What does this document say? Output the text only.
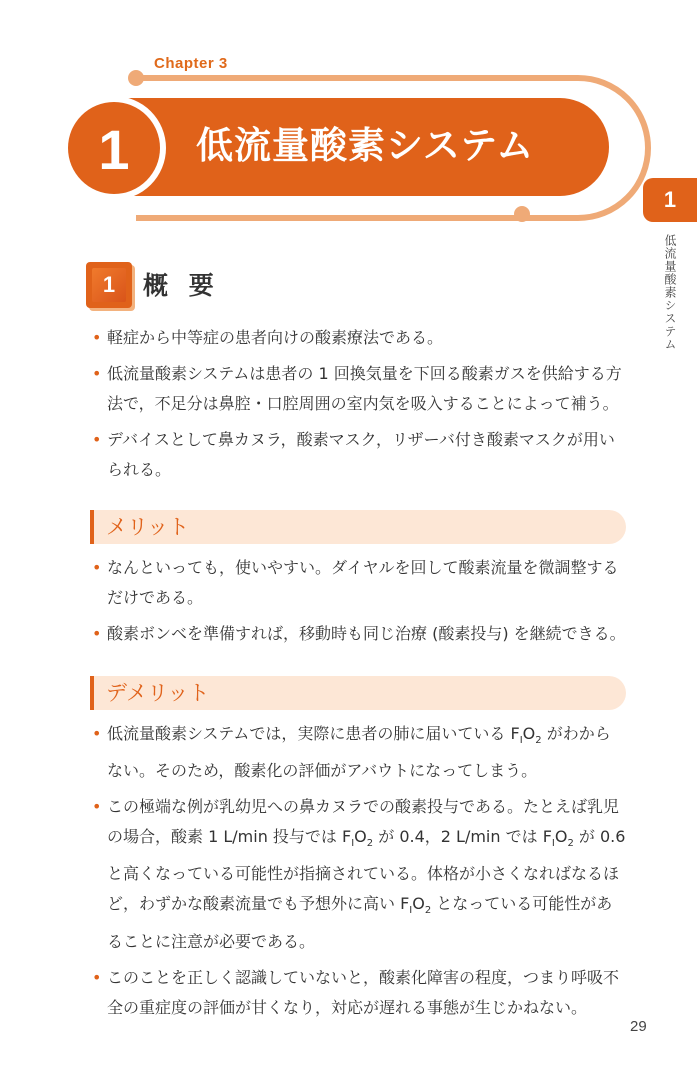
Chapter 3
1	低流量酸素システム
1
低流量酸素システム
1	概 要
• 軽症から中等症の患者向けの酸素療法である。
• 低流量酸素システムは患者の 1 回換気量を下回る酸素ガスを供給する方
法で，不足分は鼻腔・口腔周囲の室内気を吸入することによって補う。
• デバイスとして鼻カヌラ，酸素マスク，リザーバ付き酸素マスクが用い
られる。
メリット
• なんといっても，使いやすい。ダイヤルを回して酸素流量を微調整する
だけである。
• 酸素ボンベを準備すれば，移動時も同じ治療 (酸素投与) を継続できる。
デメリット
• 低流量酸素システムでは，実際に患者の肺に届いている $F_IO_2$ がわから
ない。そのため，酸素化の評価がアバウトになってしまう。
• この極端な例が乳幼児への鼻カヌラでの酸素投与である。たとえば乳児
の場合，酸素 1 L/min 投与では $F_IO_2$ が 0.4，2 L/min では $F_IO_2$ が 0.6
と高くなっている可能性が指摘されている。体格が小さくなればなるほ
ど，わずかな酸素流量でも予想外に高い $F_IO_2$ となっている可能性があ
ることに注意が必要である。
• このことを正しく認識していないと，酸素化障害の程度，つまり呼吸不
全の重症度の評価が甘くなり，対応が遅れる事態が生じかねない。
29
